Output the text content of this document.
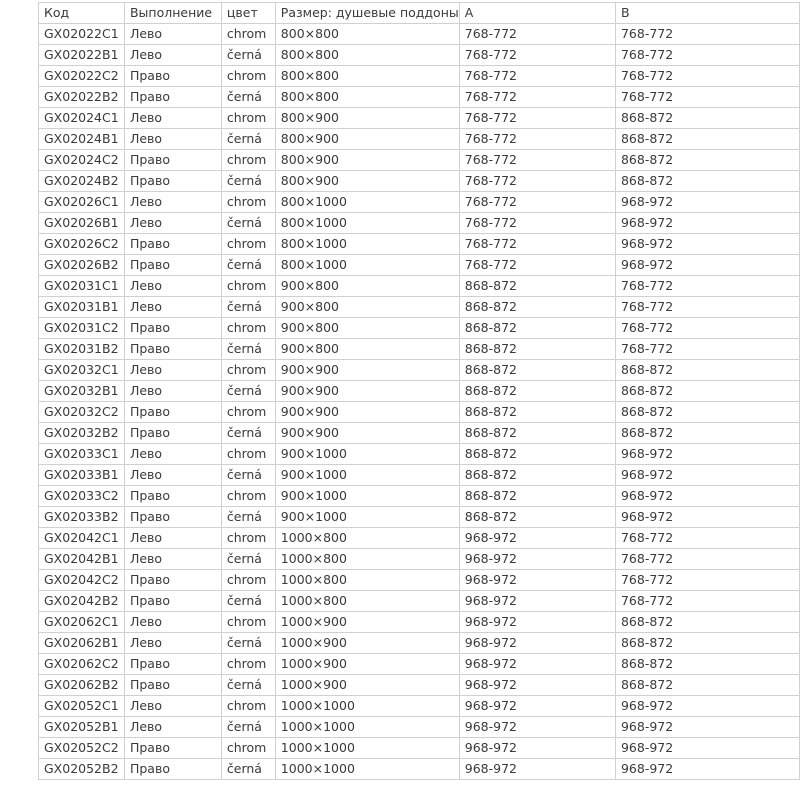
Код	Выполнение	цвет	Размер: душевые поддоны	A	B
GX02022C1	Лево	chrom	800×800	768-772	768-772
GX02022B1	Лево	černá	800×800	768-772	768-772
GX02022C2	Право	chrom	800×800	768-772	768-772
GX02022B2	Право	černá	800×800	768-772	768-772
GX02024C1	Лево	chrom	800×900	768-772	868-872
GX02024B1	Лево	černá	800×900	768-772	868-872
GX02024C2	Право	chrom	800×900	768-772	868-872
GX02024B2	Право	černá	800×900	768-772	868-872
GX02026C1	Лево	chrom	800×1000	768-772	968-972
GX02026B1	Лево	černá	800×1000	768-772	968-972
GX02026C2	Право	chrom	800×1000	768-772	968-972
GX02026B2	Право	černá	800×1000	768-772	968-972
GX02031C1	Лево	chrom	900×800	868-872	768-772
GX02031B1	Лево	černá	900×800	868-872	768-772
GX02031C2	Право	chrom	900×800	868-872	768-772
GX02031B2	Право	černá	900×800	868-872	768-772
GX02032C1	Лево	chrom	900×900	868-872	868-872
GX02032B1	Лево	černá	900×900	868-872	868-872
GX02032C2	Право	chrom	900×900	868-872	868-872
GX02032B2	Право	černá	900×900	868-872	868-872
GX02033C1	Лево	chrom	900×1000	868-872	968-972
GX02033B1	Лево	černá	900×1000	868-872	968-972
GX02033C2	Право	chrom	900×1000	868-872	968-972
GX02033B2	Право	černá	900×1000	868-872	968-972
GX02042C1	Лево	chrom	1000×800	968-972	768-772
GX02042B1	Лево	černá	1000×800	968-972	768-772
GX02042C2	Право	chrom	1000×800	968-972	768-772
GX02042B2	Право	černá	1000×800	968-972	768-772
GX02062C1	Лево	chrom	1000×900	968-972	868-872
GX02062B1	Лево	černá	1000×900	968-972	868-872
GX02062C2	Право	chrom	1000×900	968-972	868-872
GX02062B2	Право	černá	1000×900	968-972	868-872
GX02052C1	Лево	chrom	1000×1000	968-972	968-972
GX02052B1	Лево	černá	1000×1000	968-972	968-972
GX02052C2	Право	chrom	1000×1000	968-972	968-972
GX02052B2	Право	černá	1000×1000	968-972	968-972
